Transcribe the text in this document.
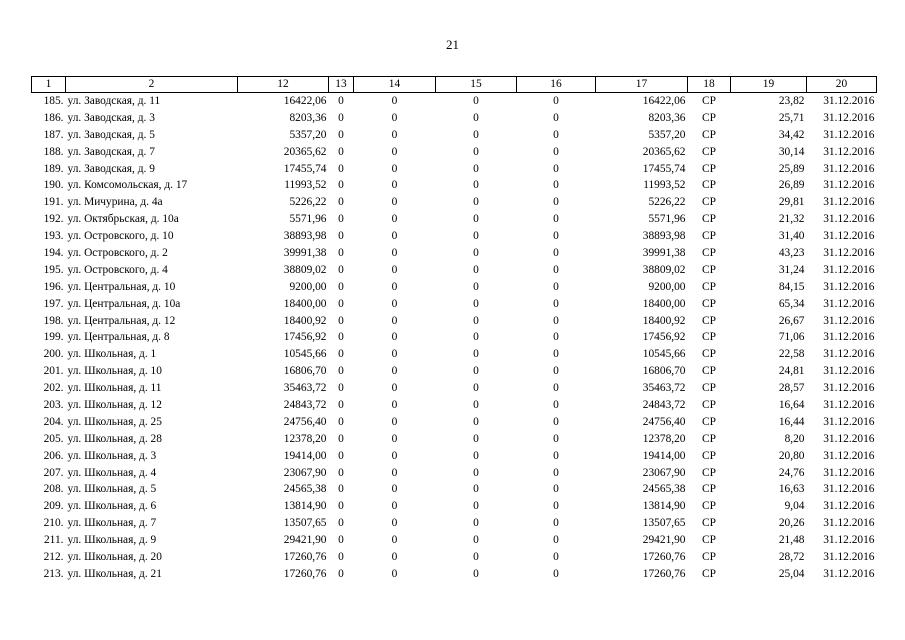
21
1	2	12	13	14	15	16	17	18	19	20
185.	ул. Заводская, д. 11	16422,06	0	0	0	0	16422,06	СР	23,82	31.12.2016
186.	ул. Заводская, д. 3	8203,36	0	0	0	0	8203,36	СР	25,71	31.12.2016
187.	ул. Заводская, д. 5	5357,20	0	0	0	0	5357,20	СР	34,42	31.12.2016
188.	ул. Заводская, д. 7	20365,62	0	0	0	0	20365,62	СР	30,14	31.12.2016
189.	ул. Заводская, д. 9	17455,74	0	0	0	0	17455,74	СР	25,89	31.12.2016
190.	ул. Комсомольская, д. 17	11993,52	0	0	0	0	11993,52	СР	26,89	31.12.2016
191.	ул. Мичурина, д. 4а	5226,22	0	0	0	0	5226,22	СР	29,81	31.12.2016
192.	ул. Октябрьская, д. 10а	5571,96	0	0	0	0	5571,96	СР	21,32	31.12.2016
193.	ул. Островского, д. 10	38893,98	0	0	0	0	38893,98	СР	31,40	31.12.2016
194.	ул. Островского, д. 2	39991,38	0	0	0	0	39991,38	СР	43,23	31.12.2016
195.	ул. Островского, д. 4	38809,02	0	0	0	0	38809,02	СР	31,24	31.12.2016
196.	ул. Центральная, д. 10	9200,00	0	0	0	0	9200,00	СР	84,15	31.12.2016
197.	ул. Центральная, д. 10а	18400,00	0	0	0	0	18400,00	СР	65,34	31.12.2016
198.	ул. Центральная, д. 12	18400,92	0	0	0	0	18400,92	СР	26,67	31.12.2016
199.	ул. Центральная, д. 8	17456,92	0	0	0	0	17456,92	СР	71,06	31.12.2016
200.	ул. Школьная, д. 1	10545,66	0	0	0	0	10545,66	СР	22,58	31.12.2016
201.	ул. Школьная, д. 10	16806,70	0	0	0	0	16806,70	СР	24,81	31.12.2016
202.	ул. Школьная, д. 11	35463,72	0	0	0	0	35463,72	СР	28,57	31.12.2016
203.	ул. Школьная, д. 12	24843,72	0	0	0	0	24843,72	СР	16,64	31.12.2016
204.	ул. Школьная, д. 25	24756,40	0	0	0	0	24756,40	СР	16,44	31.12.2016
205.	ул. Школьная, д. 28	12378,20	0	0	0	0	12378,20	СР	8,20	31.12.2016
206.	ул. Школьная, д. 3	19414,00	0	0	0	0	19414,00	СР	20,80	31.12.2016
207.	ул. Школьная, д. 4	23067,90	0	0	0	0	23067,90	СР	24,76	31.12.2016
208.	ул. Школьная, д. 5	24565,38	0	0	0	0	24565,38	СР	16,63	31.12.2016
209.	ул. Школьная, д. 6	13814,90	0	0	0	0	13814,90	СР	9,04	31.12.2016
210.	ул. Школьная, д. 7	13507,65	0	0	0	0	13507,65	СР	20,26	31.12.2016
211.	ул. Школьная, д. 9	29421,90	0	0	0	0	29421,90	СР	21,48	31.12.2016
212.	ул. Школьная, д. 20	17260,76	0	0	0	0	17260,76	СР	28,72	31.12.2016
213.	ул. Школьная, д. 21	17260,76	0	0	0	0	17260,76	СР	25,04	31.12.2016
